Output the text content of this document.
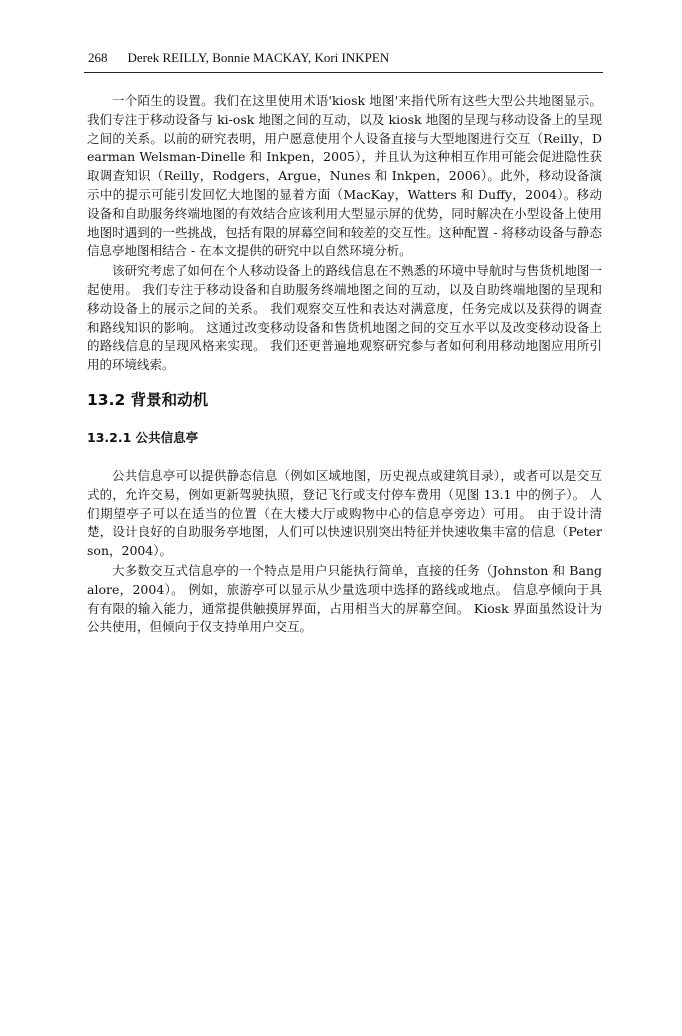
268 Derek REILLY, Bonnie MACKAY, Kori INKPEN

一个陌生的设置。我们在这里使用术语'kiosk 地图'来指代所有这些大型公共地图显示。我们专注于移动设备与 ki-osk 地图之间的互动，以及 kiosk 地图的呈现与移动设备上的呈现之间的关系。以前的研究表明，用户愿意使用个人设备直接与大型地图进行交互（Reilly，Dearman Welsman-Dinelle 和 Inkpen，2005），并且认为这种相互作用可能会促进隐性获取调查知识（Reilly，Rodgers，Argue，Nunes 和 Inkpen，2006）。此外，移动设备演示中的提示可能引发回忆大地图的显着方面（MacKay，Watters 和 Duffy，2004）。移动设备和自助服务终端地图的有效结合应该利用大型显示屏的优势，同时解决在小型设备上使用地图时遇到的一些挑战，包括有限的屏幕空间和较差的交互性。这种配置 - 将移动设备与静态信息亭地图相结合 - 在本文提供的研究中以自然环境分析。

该研究考虑了如何在个人移动设备上的路线信息在不熟悉的环境中导航时与售货机地图一起使用。 我们专注于移动设备和自助服务终端地图之间的互动，以及自助终端地图的呈现和移动设备上的展示之间的关系。 我们观察交互性和表达对满意度，任务完成以及获得的调查和路线知识的影响。 这通过改变移动设备和售货机地图之间的交互水平以及改变移动设备上的路线信息的呈现风格来实现。 我们还更普遍地观察研究参与者如何利用移动地图应用所引用的环境线索。

13.2 背景和动机
13.2.1 公共信息亭

公共信息亭可以提供静态信息（例如区域地图，历史视点或建筑目录），或者可以是交互式的，允许交易，例如更新驾驶执照，登记飞行或支付停车费用（见图 13.1 中的例子）。 人们期望亭子可以在适当的位置（在大楼大厅或购物中心的信息亭旁边）可用。 由于设计清楚，设计良好的自助服务亭地图，人们可以快速识别突出特征并快速收集丰富的信息（Peterson，2004）。

大多数交互式信息亭的一个特点是用户只能执行简单，直接的任务（Johnston 和 Bangalore，2004）。 例如，旅游亭可以显示从少量选项中选择的路线或地点。 信息亭倾向于具有有限的输入能力，通常提供触摸屏界面，占用相当大的屏幕空间。 Kiosk 界面虽然设计为公共使用，但倾向于仅支持单用户交互。
